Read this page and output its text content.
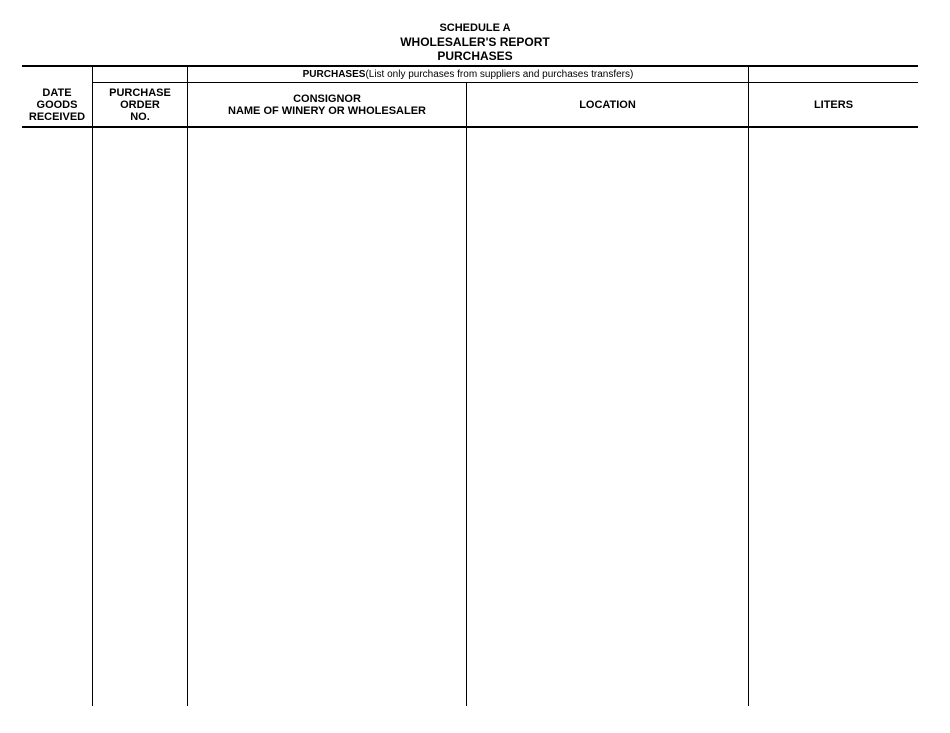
SCHEDULE A
WHOLESALER'S REPORT
PURCHASES
PURCHASES (List only purchases from suppliers and purchases transfers)
DATE
GOODS
RECEIVED
PURCHASE
ORDER
NO.
CONSIGNOR
NAME OF WINERY OR WHOLESALER	LOCATION	LITERS
